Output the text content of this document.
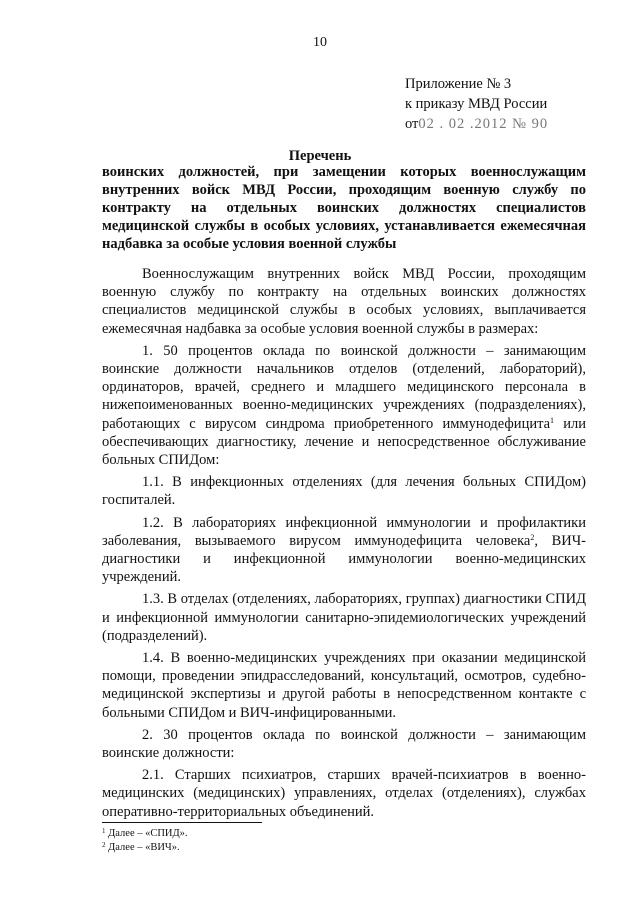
10
Приложение № 3
к приказу МВД России
от02 . 02 .2012 № 90
Перечень
воинских должностей, при замещении которых военнослужащим внутренних войск МВД России, проходящим военную службу по контракту на отдельных воинских должностях специалистов медицинской службы в особых условиях, устанавливается ежемесячная надбавка за особые условия военной службы

Военнослужащим внутренних войск МВД России, проходящим военную службу по контракту на отдельных воинских должностях специалистов медицинской службы в особых условиях, выплачивается ежемесячная надбавка за особые условия военной службы в размерах:

1. 50 процентов оклада по воинской должности – занимающим воинские должности начальников отделов (отделений, лабораторий), ординаторов, врачей, среднего и младшего медицинского персонала в нижепоименованных военно-медицинских учреждениях (подразделениях), работающих с вирусом синдрома приобретенного иммунодефицита$^1$ или обеспечивающих диагностику, лечение и непосредственное обслуживание больных СПИДом:

1.1. В инфекционных отделениях (для лечения больных СПИДом) госпиталей.

1.2. В лабораториях инфекционной иммунологии и профилактики заболевания, вызываемого вирусом иммунодефицита человека$^2$, ВИЧ-диагностики и инфекционной иммунологии военно-медицинских учреждений.

1.3. В отделах (отделениях, лабораториях, группах) диагностики СПИД и инфекционной иммунологии санитарно-эпидемиологических учреждений (подразделений).

1.4. В военно-медицинских учреждениях при оказании медицинской помощи, проведении эпидрасследований, консультаций, осмотров, судебно-медицинской экспертизы и другой работы в непосредственном контакте с больными СПИДом и ВИЧ-инфицированными.

2. 30 процентов оклада по воинской должности – занимающим воинские должности:

2.1. Старших психиатров, старших врачей-психиатров в военно-медицинских (медицинских) управлениях, отделах (отделениях), службах оперативно-территориальных объединений.

$^1$ Далее – «СПИД».
$^2$ Далее – «ВИЧ».
